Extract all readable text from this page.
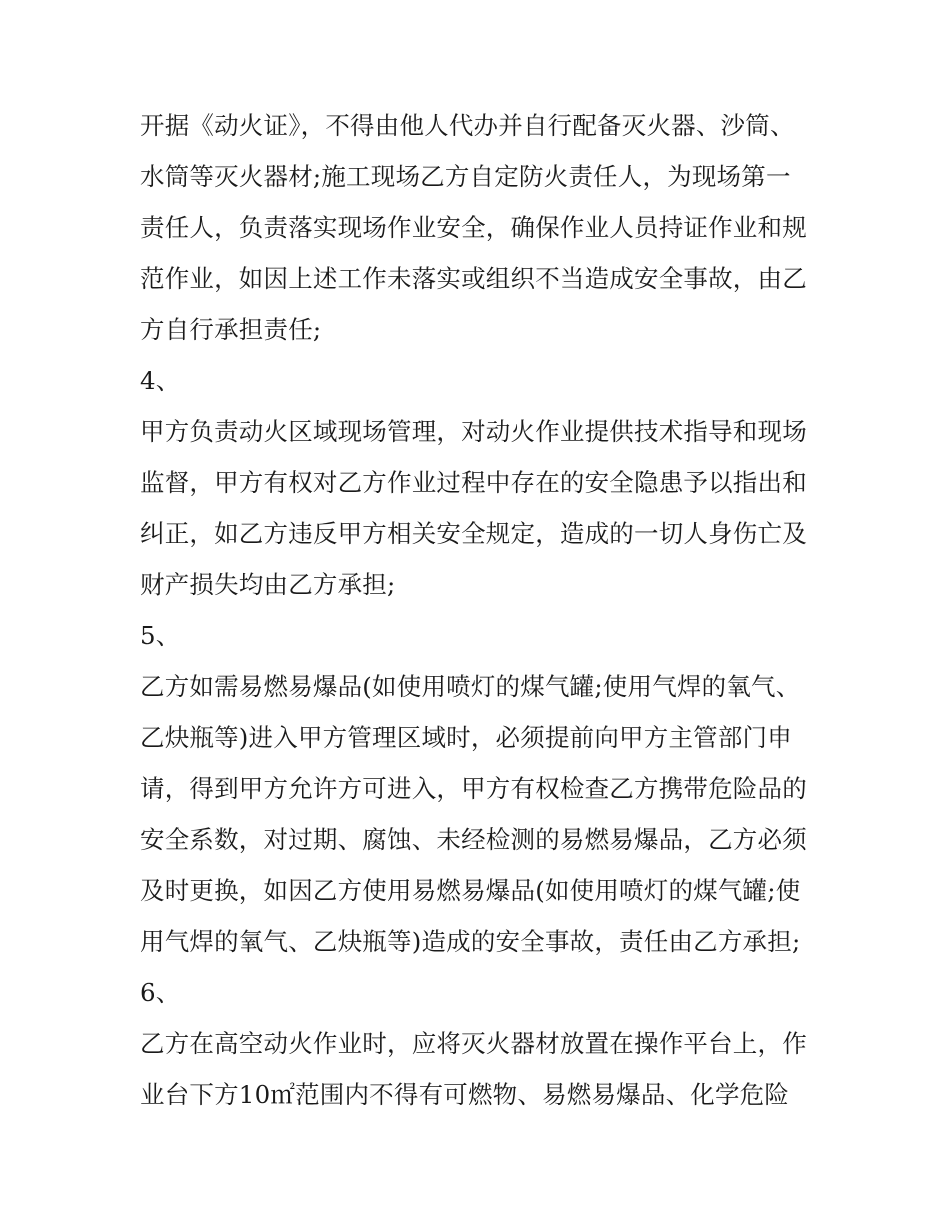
开据《动火证》，不得由他人代办并自行配备灭火器、沙筒、
水筒等灭火器材;施工现场乙方自定防火责任人，为现场第一
责任人，负责落实现场作业安全，确保作业人员持证作业和规
范作业，如因上述工作未落实或组织不当造成安全事故，由乙
方自行承担责任;
4、
甲方负责动火区域现场管理，对动火作业提供技术指导和现场
监督，甲方有权对乙方作业过程中存在的安全隐患予以指出和
纠正，如乙方违反甲方相关安全规定，造成的一切人身伤亡及
财产损失均由乙方承担;
5、
乙方如需易燃易爆品(如使用喷灯的煤气罐;使用气焊的氧气、
乙炔瓶等)进入甲方管理区域时，必须提前向甲方主管部门申
请，得到甲方允许方可进入，甲方有权检查乙方携带危险品的
安全系数，对过期、腐蚀、未经检测的易燃易爆品，乙方必须
及时更换，如因乙方使用易燃易爆品(如使用喷灯的煤气罐;使
用气焊的氧气、乙炔瓶等)造成的安全事故，责任由乙方承担;
6、
乙方在高空动火作业时，应将灭火器材放置在操作平台上，作
业台下方10㎡范围内不得有可燃物、易燃易爆品、化学危险
